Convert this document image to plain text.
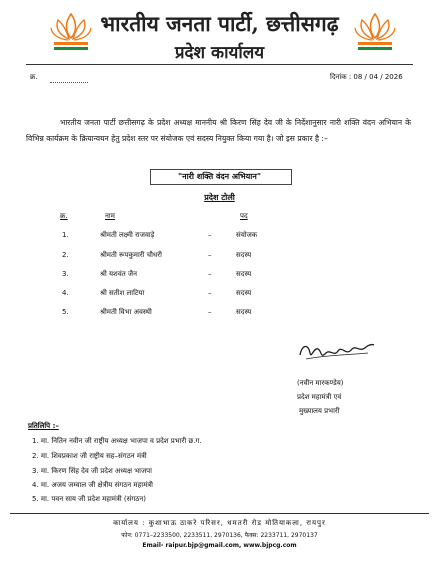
भारतीय जनता पार्टी, छत्तीसगढ़
प्रदेश कार्यालय
क्र.	दिनांक : 08 / 04 / 2026
भारतीय जनता पार्टी छत्तीसगढ़ के प्रदेश अध्यक्ष माननीय श्री किरण सिंह देव जी के निर्देशानुसार नारी शक्ति वंदन अभियान के विभिन्न कार्यक्रम के क्रियान्वयन हेतु प्रदेश स्तर पर संयोजक एवं सदस्य नियुक्त किया गया है। जो इस प्रकार है :–
"नारी शक्ति वंदन अभियान"
प्रदेश टोली
क्र.	नाम	पद
1.	श्रीमती लक्ष्मी राजवाड़े	–	संयोजक
2.	श्रीमती रूपकुमारी चौधरी	–	सदस्य
3.	श्री यशवंत जैन	–	सदस्य
4.	श्री सतीश लाटिया	–	सदस्य
5.	श्रीमती विभा अवस्थी	–	सदस्य
(नवीन मारकण्डेय)
प्रदेश महामंत्री एवं
मुख्यालय प्रभारी
प्रतिलिपि :–
1. मा. नितिन नवीन जी राष्ट्रीय अध्यक्ष भाजपा व प्रदेश प्रभारी छ.ग.
2. मा. शिवप्रकाश जी राष्ट्रीय सह–संगठन मंत्री
3. मा. किरण सिंह देव जी प्रदेश अध्यक्ष भाजपा
4. मा. अजय जम्वाल जी क्षेत्रीय संगठन महामंत्री
5. मा. पवन साय जी प्रदेश महामंत्री (संगठन)
कार्यालय : कुशाभाऊ ठाकरे परिसर, धमतरी रोड मोतियाकला, रायपुर
फोन: 0771–2233500, 2233511, 2970136, फैक्स: 2233711, 2970137
Email- raipur.bjp@gmail.com, www.bjpcg.com
